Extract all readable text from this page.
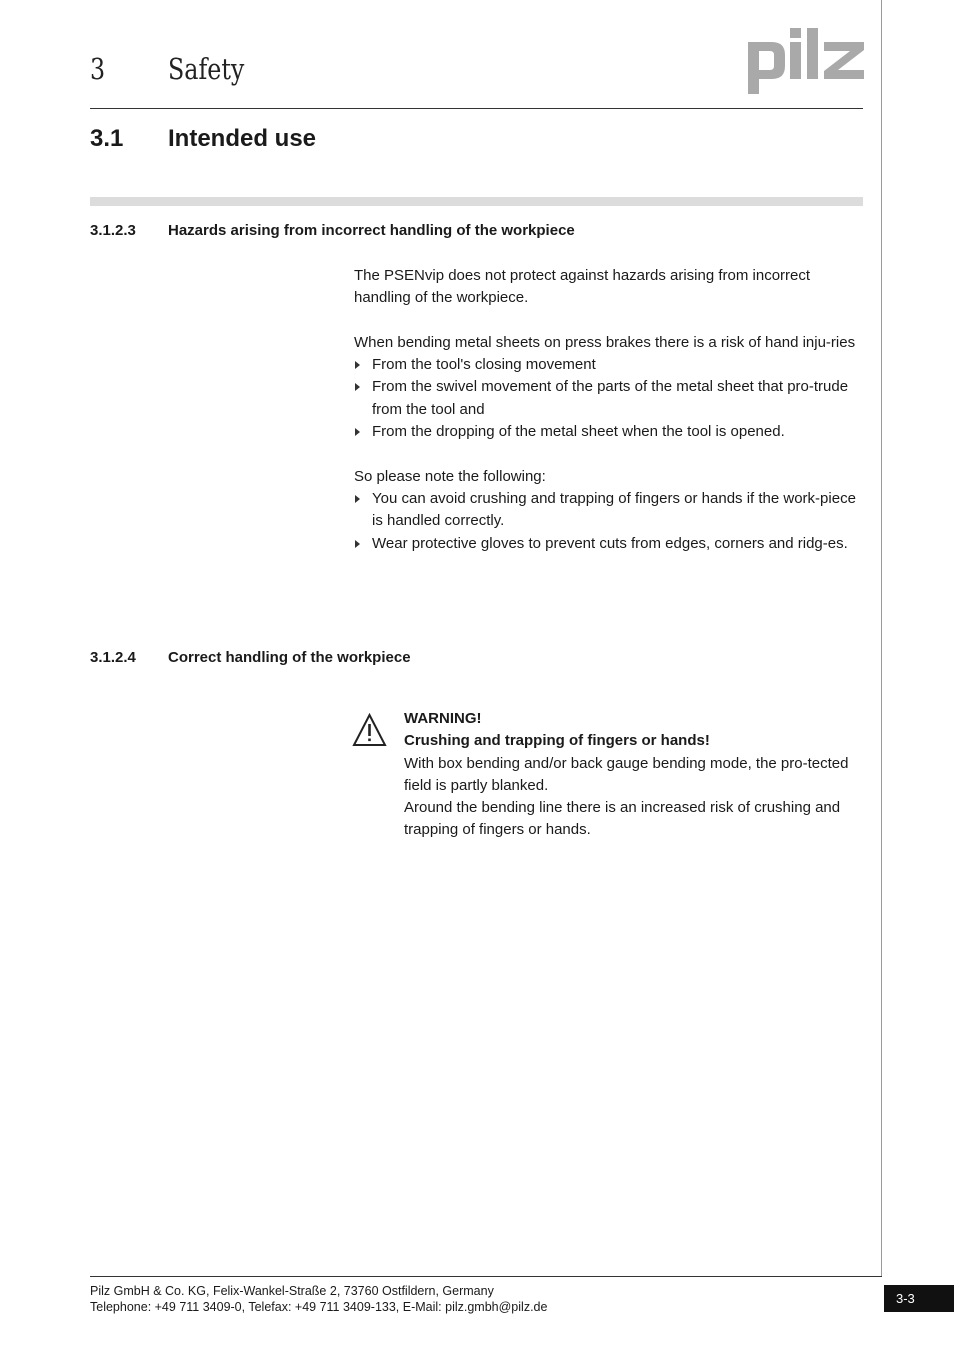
3 Safety
3.1 Intended use
3.1.2.3 Hazards arising from incorrect handling of the workpiece

The PSENvip does not protect against hazards arising from incorrect handling of the workpiece.

When bending metal sheets on press brakes there is a risk of hand inju-ries

From the tool's closing movement
From the swivel movement of the parts of the metal sheet that pro-trude from the tool and
From the dropping of the metal sheet when the tool is opened.

So please note the following:

You can avoid crushing and trapping of fingers or hands if the work-piece is handled correctly.
Wear protective gloves to prevent cuts from edges, corners and ridg-es.
3.1.2.4 Correct handling of the workpiece

WARNING!

Crushing and trapping of fingers or hands!

With box bending and/or back gauge bending mode, the pro-tected field is partly blanked.

Around the bending line there is an increased risk of crushing and trapping of fingers or hands.

Pilz GmbH & Co. KG, Felix-Wankel-Straße 2, 73760 Ostfildern, Germany
Telephone: +49 711 3409-0, Telefax: +49 711 3409-133, E-Mail: pilz.gmbh@pilz.de
3-3
